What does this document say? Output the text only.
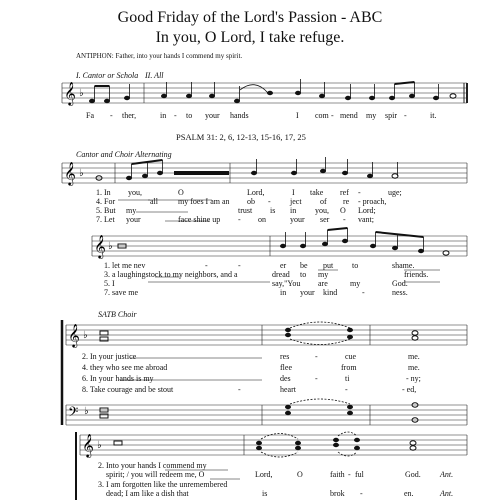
Good Friday of the Lord's Passion - ABC
In you, O Lord, I take refuge.
ANTIPHON: Father, into your hands I commend my spirit.
I. Cantor or Schola II. All
𝄞 ♭
𝄞 ♭
𝄞 ♭
𝄞 ♭
𝄢 ♭
𝄞 ♭
Fa - ther,	in - to your hands	I com - mend my spir -	it.
PSALM 31: 2, 6, 12-13, 15-16, 17, 25
Cantor and Choir Alternating
1. In you,	O	Lord,	I take ref -	uge;
4. For	all	my foes I am an ob - ject of re - proach,
5. But my	trust is in you, O Lord;
7. Let your	face shine up - on	your ser - vant;
1. let me nev	-	-	er be put to	shame.
3. a laughingstock to my neighbors, and a	dread to my	friends.
5. I	say,"You are	my	God.
7. save me	in your kind	-	ness.
SATB Choir
2. In your justice	res	-	cue	me.
4. they who see me abroad	flee	from	me.
6. In your hands is my	des	-	ti	- ny;
8. Take courage and be stout	-	heart	-	- ed,
2. Into your hands I commend my
spirit; / you will redeem me, O	Lord,	O	faith - ful	God. Ant.
3. I am forgotten like the unremembered
dead; I am like a dish that	is	brok -	en.	Ant.
